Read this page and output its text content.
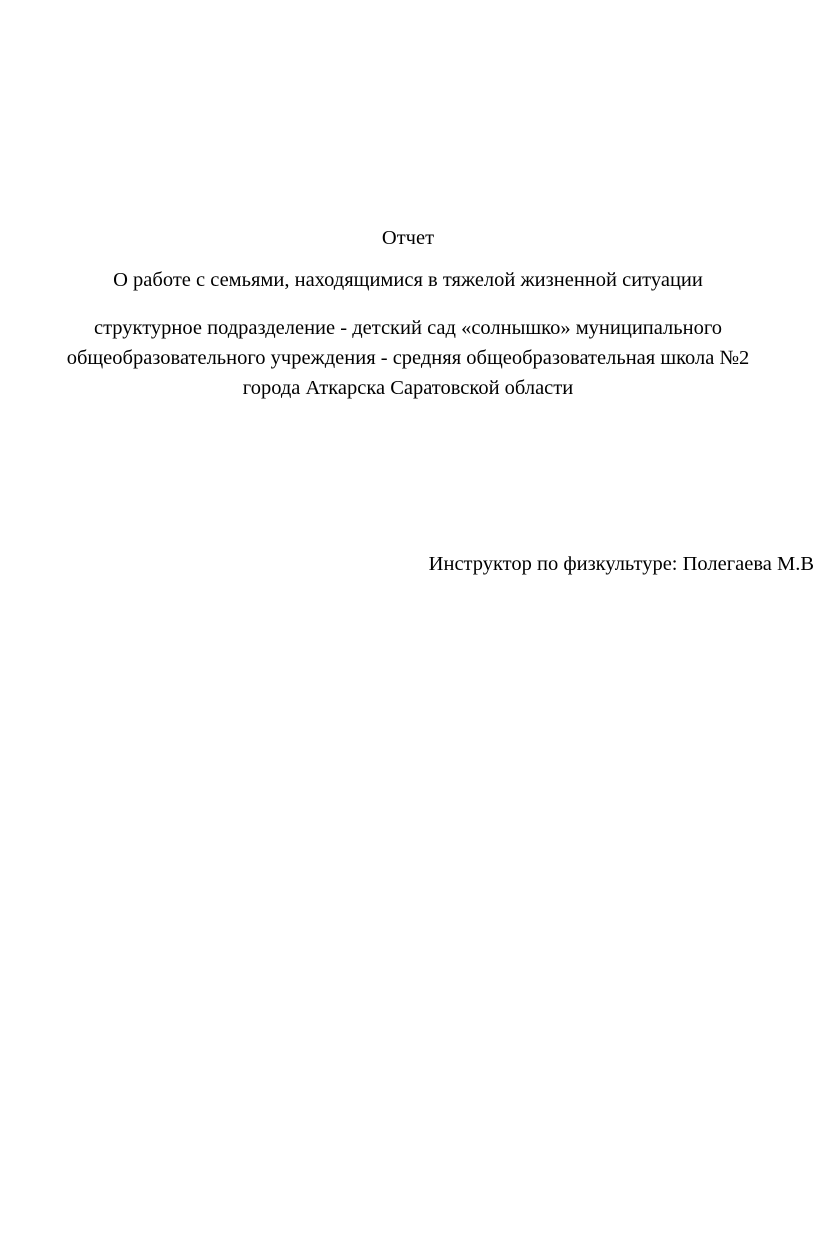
Отчет

О работе с семьями, находящимися в тяжелой жизненной ситуации

структурное подразделение - детский сад «солнышко» муниципального

общеобразовательного учреждения - средняя общеобразовательная школа №2

города Аткарска Саратовской области

Инструктор по физкультуре: Полегаева М.В
